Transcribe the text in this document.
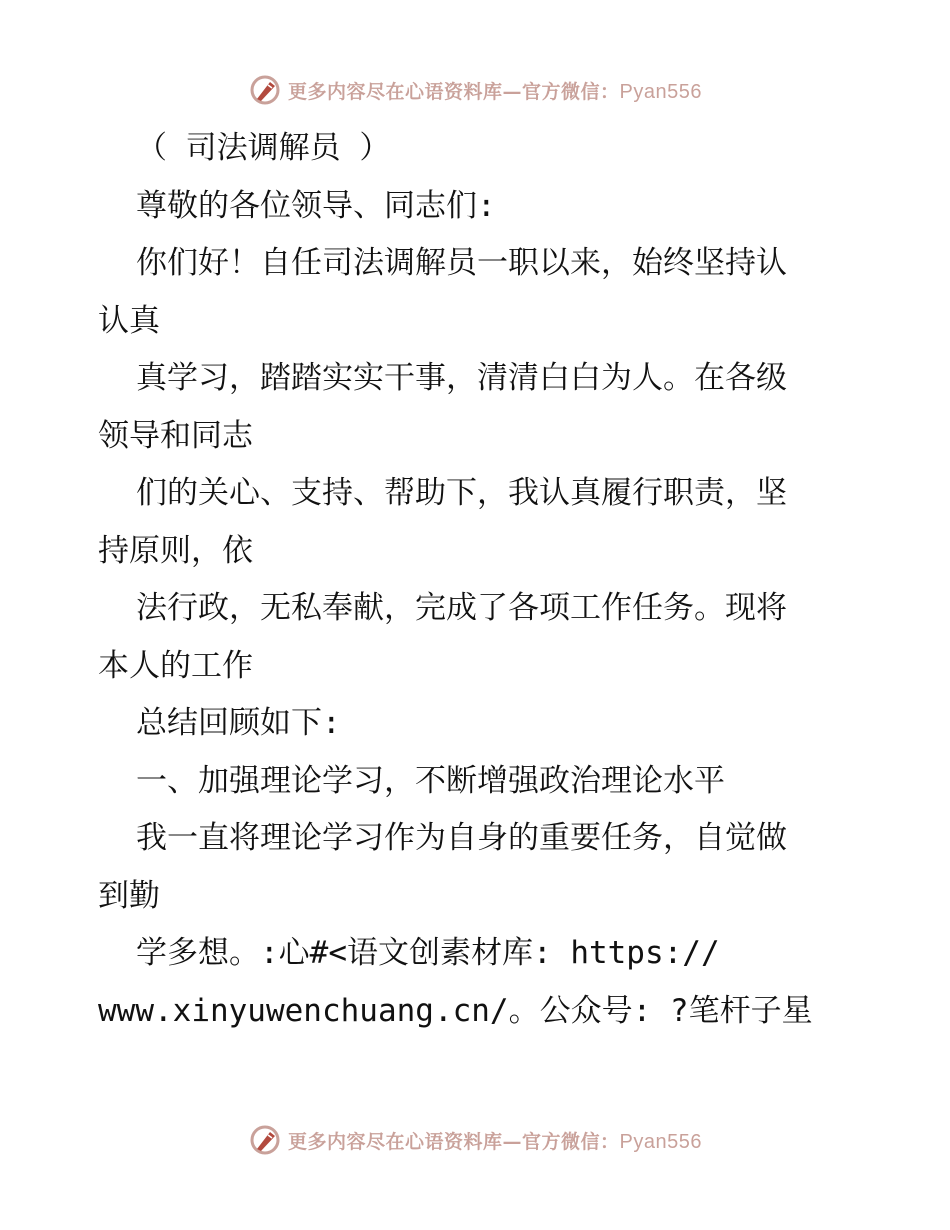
更多内容尽在心语资料库—官方微信：Pyan556
（ 司法调解员 ）
尊敬的各位领导、同志们:
你们好！自任司法调解员一职以来，始终坚持认
认真
真学习，踏踏实实干事，清清白白为人。在各级
领导和同志
们的关心、支持、帮助下，我认真履行职责，坚
持原则，依
法行政，无私奉献，完成了各项工作任务。现将
本人的工作
总结回顾如下:
一、加强理论学习，不断增强政治理论水平
我一直将理论学习作为自身的重要任务，自觉做
到勤
学多想。:心#<语文创素材库: https://
www.xinyuwenchuang.cn/。公众号: ?笔杆子星
更多内容尽在心语资料库—官方微信：Pyan556
